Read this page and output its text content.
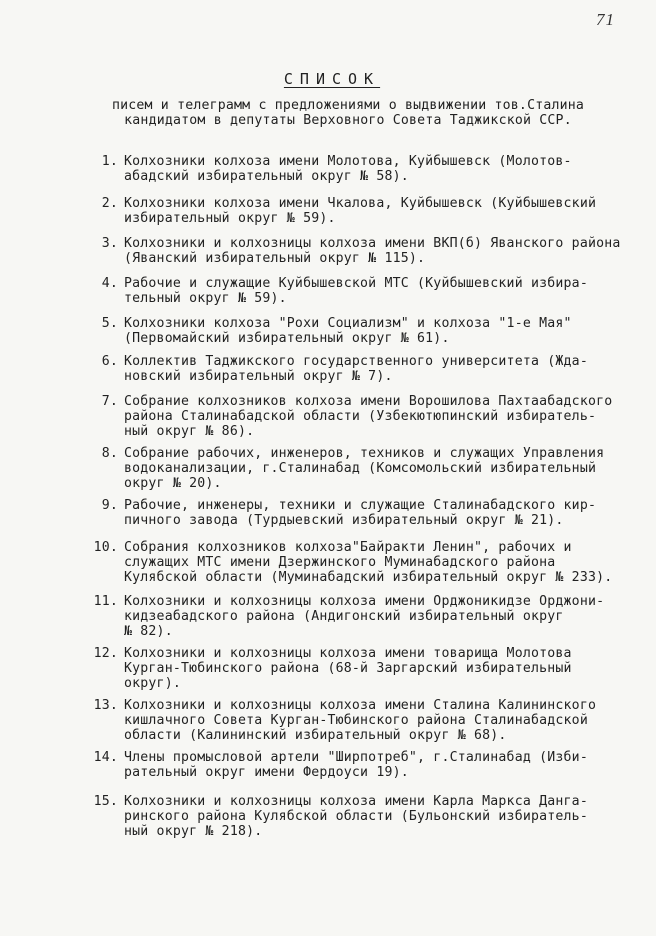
71
СПИСОК
писем и телеграмм с предложениями о выдвижении тов.Сталина
кандидатом в депутаты Верховного Совета Таджикской ССР.
1. Колхозники колхоза имени Молотова, Куйбышевск (Молотов-
абадский избирательный округ № 58).
2. Колхозники колхоза имени Чкалова, Куйбышевск (Куйбышевский
избирательный округ № 59).
3. Колхозники и колхозницы колхоза имени ВКП(б) Яванского района
(Яванский избирательный округ № 115).
4. Рабочие и служащие Куйбышевской МТС (Куйбышевский избира-
тельный округ № 59).
5. Колхозники колхоза "Рохи Социализм" и колхоза "1-е Мая"
(Первомайский избирательный округ № 61).
6. Коллектив Таджикского государственного университета (Жда-
новский избирательный округ № 7).
7. Собрание колхозников колхоза имени Ворошилова Пахтаабадского
района Сталинабадской области (Узбекютюпинский избиратель-
ный округ № 86).
8. Собрание рабочих, инженеров, техников и служащих Управления
водоканализации, г.Сталинабад (Комсомольский избирательный
округ № 20).
9. Рабочие, инженеры, техники и служащие Сталинабадского кир-
пичного завода (Турдыевский избирательный округ № 21).
10. Собрания колхозников колхоза"Байракти Ленин", рабочих и
служащих МТС имени Дзержинского Муминабадского района
Кулябской области (Муминабадский избирательный округ № 233).
11. Колхозники и колхозницы колхоза имени Орджоникидзе Орджони-
кидзеабадского района (Андигонский избирательный округ
№ 82).
12. Колхозники и колхозницы колхоза имени товарища Молотова
Курган-Тюбинского района (68-й Заргарский избирательный
округ).
13. Колхозники и колхозницы колхоза имени Сталина Калининского
кишлачного Совета Курган-Тюбинского района Сталинабадской
области (Калининский избирательный округ № 68).
14. Члены промысловой артели "Ширпотреб", г.Сталинабад (Изби-
рательный округ имени Фердоуси 19).
15. Колхозники и колхозницы колхоза имени Карла Маркса Данга-
ринского района Кулябской области (Бульонский избиратель-
ный округ № 218).
